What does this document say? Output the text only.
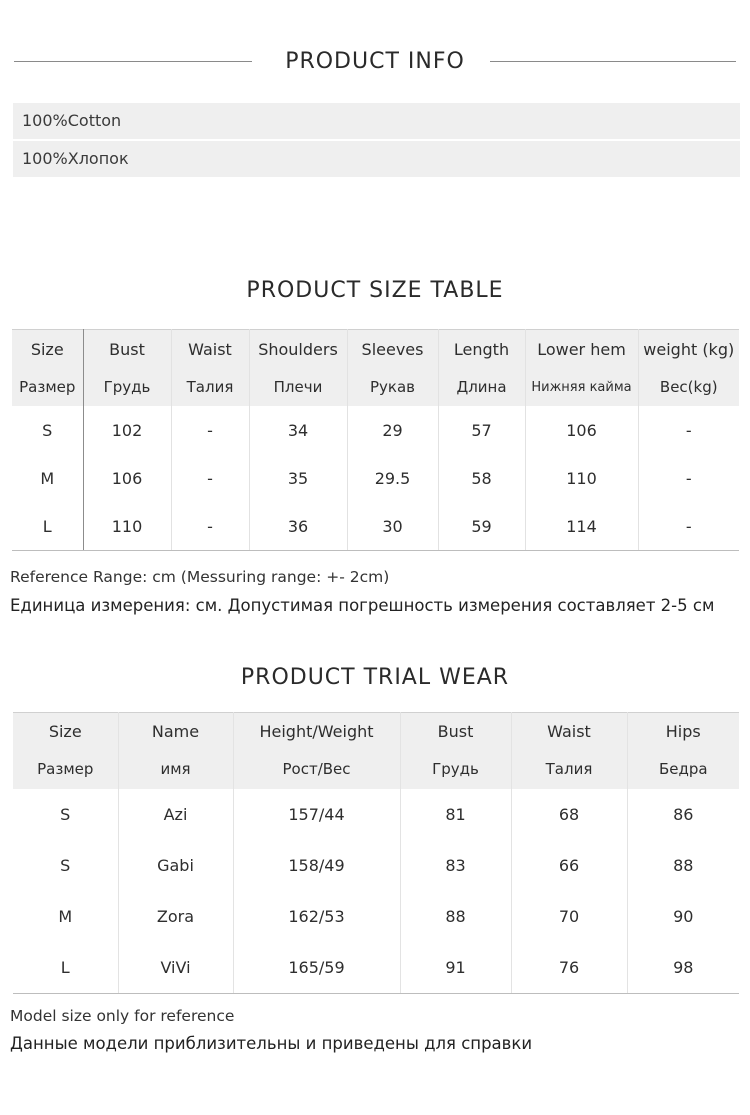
PRODUCT INFO
100%Cotton
100%Хлопок
PRODUCT SIZE TABLE
Size	Bust	Waist	Shoulders	Sleeves	Length	Lower hem	weight (kg)
Размер	Грудь	Талия	Плечи	Рукав	Длина	Нижняя кайма	Вес(kg)
S	102	-	34	29	57	106	-
M	106	-	35	29.5	58	110	-
L	110	-	36	30	59	114	-
Reference Range: cm (Messuring range: +- 2cm)
Единица измерения: см. Допустимая погрешность измерения составляет 2-5 см
PRODUCT TRIAL WEAR
Size	Name	Height/Weight	Bust	Waist	Hips
Размер	имя	Рост/Вес	Грудь	Талия	Бедра
S	Azi	157/44	81	68	86
S	Gabi	158/49	83	66	88
M	Zora	162/53	88	70	90
L	ViVi	165/59	91	76	98
Model size only for reference
Данные модели приблизительны и приведены для справки
